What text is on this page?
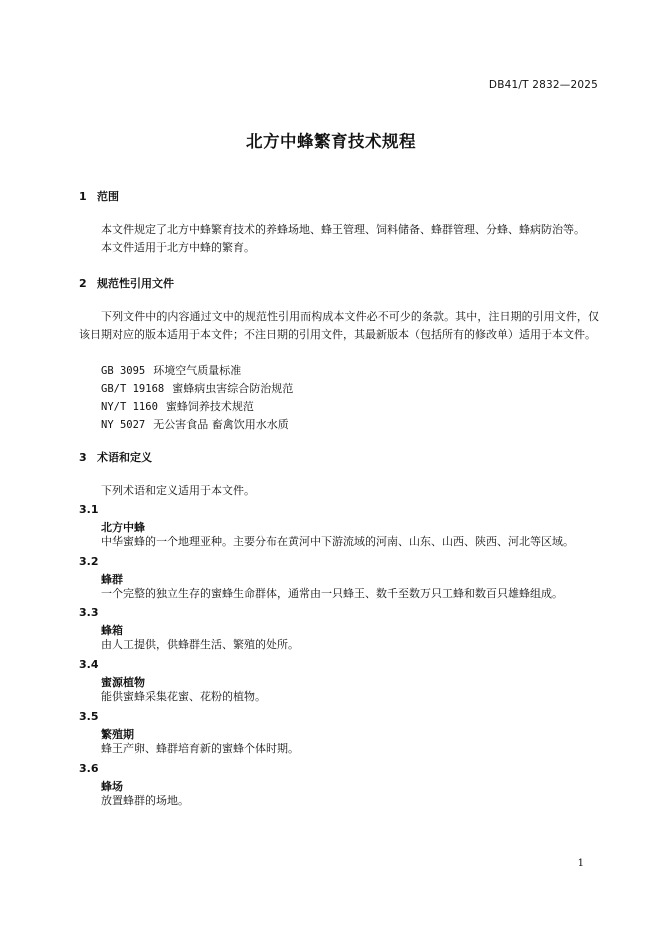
DB41/T 2832—2025
北方中蜂繁育技术规程
1 范围
本文件规定了北方中蜂繁育技术的养蜂场地、蜂王管理、饲料储备、蜂群管理、分蜂、蜂病防治等。
本文件适用于北方中蜂的繁育。
2 规范性引用文件
下列文件中的内容通过文中的规范性引用而构成本文件必不可少的条款。其中，注日期的引用文件，仅该日期对应的版本适用于本文件；不注日期的引用文件，其最新版本（包括所有的修改单）适用于本文件。
GB 3095 环境空气质量标准
GB/T 19168 蜜蜂病虫害综合防治规范
NY/T 1160 蜜蜂饲养技术规范
NY 5027 无公害食品 畜禽饮用水水质
3 术语和定义
下列术语和定义适用于本文件。
3.1
北方中蜂
中华蜜蜂的一个地理亚种。主要分布在黄河中下游流域的河南、山东、山西、陕西、河北等区域。
3.2
蜂群
一个完整的独立生存的蜜蜂生命群体，通常由一只蜂王、数千至数万只工蜂和数百只雄蜂组成。
3.3
蜂箱
由人工提供，供蜂群生活、繁殖的处所。
3.4
蜜源植物
能供蜜蜂采集花蜜、花粉的植物。
3.5
繁殖期
蜂王产卵、蜂群培育新的蜜蜂个体时期。
3.6
蜂场
放置蜂群的场地。
1
